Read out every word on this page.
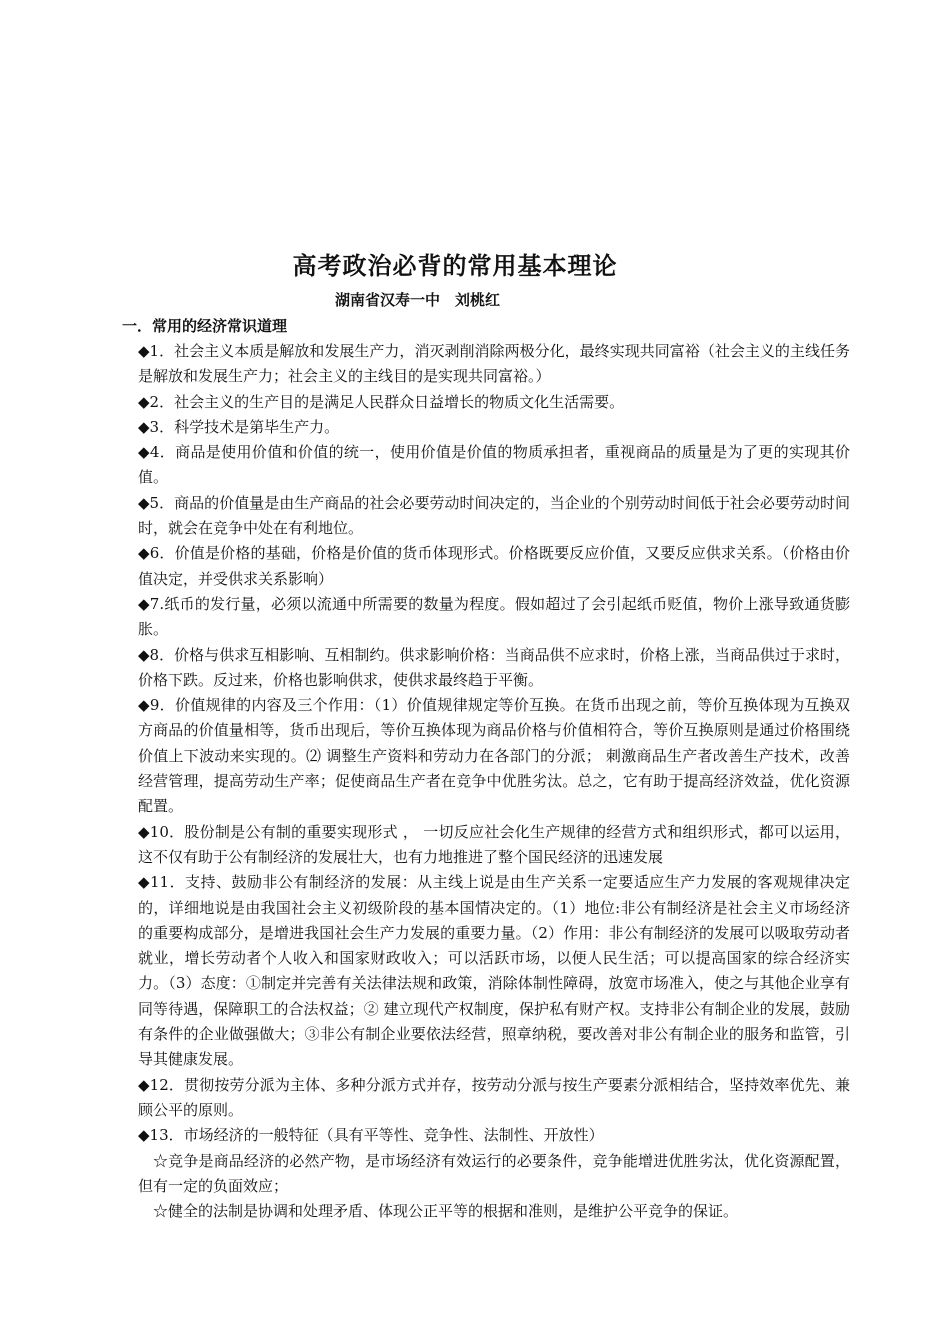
高考政治必背的常用基本理论
湖南省汉寿一中　刘桃红
一．常用的经济常识道理

◆1．社会主义本质是解放和发展生产力，消灭剥削消除两极分化，最终实现共同富裕（社会主义的主线任务是解放和发展生产力；社会主义的主线目的是实现共同富裕。）

◆2．社会主义的生产目的是满足人民群众日益增长的物质文化生活需要。

◆3．科学技术是第毕生产力。

◆4．商品是使用价值和价值的统一，使用价值是价值的物质承担者，重视商品的质量是为了更的实现其价值。

◆5．商品的价值量是由生产商品的社会必要劳动时间决定的，当企业的个别劳动时间低于社会必要劳动时间时，就会在竞争中处在有利地位。

◆6．价值是价格的基础，价格是价值的货币体现形式。价格既要反应价值，又要反应供求关系。（价格由价值决定，并受供求关系影响）

◆7.纸币的发行量，必须以流通中所需要的数量为程度。假如超过了会引起纸币贬值，物价上涨导致通货膨胀。

◆8．价格与供求互相影响、互相制约。供求影响价格：当商品供不应求时，价格上涨，当商品供过于求时，价格下跌。反过来，价格也影响供求，使供求最终趋于平衡。

◆9．价值规律的内容及三个作用：（1）价值规律规定等价互换。在货币出现之前，等价互换体现为互换双方商品的价值量相等，货币出现后，等价互换体现为商品价格与价值相符合，等价互换原则是通过价格围绕价值上下波动来实现的。⑵ 调整生产资料和劳动力在各部门的分派； 刺激商品生产者改善生产技术，改善经营管理，提高劳动生产率；促使商品生产者在竞争中优胜劣汰。总之，它有助于提高经济效益，优化资源配置。

◆10．股份制是公有制的重要实现形式 ， 一切反应社会化生产规律的经营方式和组织形式，都可以运用，这不仅有助于公有制经济的发展壮大，也有力地推进了整个国民经济的迅速发展

◆11．支持、鼓励非公有制经济的发展：从主线上说是由生产关系一定要适应生产力发展的客观规律决定的，详细地说是由我国社会主义初级阶段的基本国情决定的。（1）地位:非公有制经济是社会主义市场经济的重要构成部分，是增进我国社会生产力发展的重要力量。（2）作用：非公有制经济的发展可以吸取劳动者就业，增长劳动者个人收入和国家财政收入；可以活跃市场，以便人民生活；可以提高国家的综合经济实力。（3）态度：①制定并完善有关法律法规和政策，消除体制性障碍，放宽市场准入，使之与其他企业享有同等待遇，保障职工的合法权益；② 建立现代产权制度，保护私有财产权。支持非公有制企业的发展，鼓励有条件的企业做强做大；③非公有制企业要依法经营，照章纳税，要改善对非公有制企业的服务和监管，引导其健康发展。

◆12．贯彻按劳分派为主体、多种分派方式并存，按劳动分派与按生产要素分派相结合，坚持效率优先、兼顾公平的原则。

◆13．市场经济的一般特征（具有平等性、竞争性、法制性、开放性）

☆竞争是商品经济的必然产物，是市场经济有效运行的必要条件，竞争能增进优胜劣汰，优化资源配置，但有一定的负面效应；

☆健全的法制是协调和处理矛盾、体现公正平等的根据和准则，是维护公平竞争的保证。
